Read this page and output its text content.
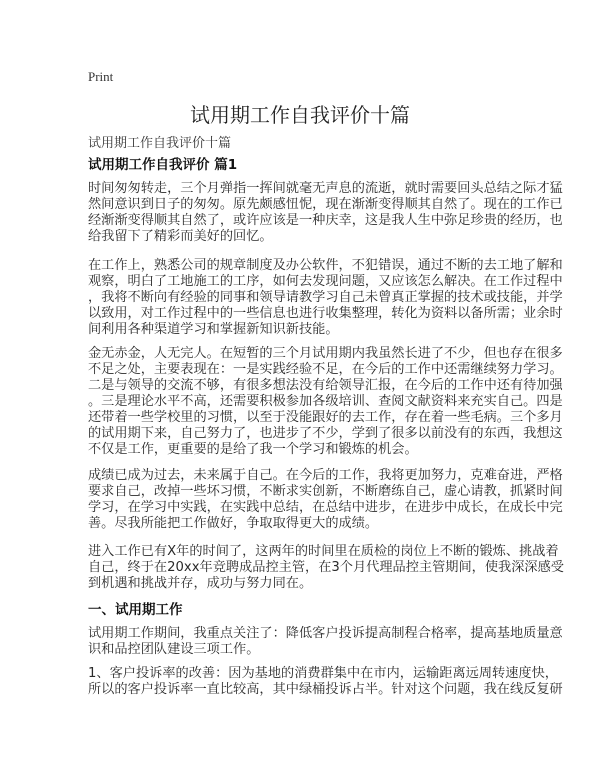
Print
试用期工作自我评价十篇
试用期工作自我评价十篇
试用期工作自我评价 篇1
时间匆匆转走，三个月弹指一挥间就毫无声息的流逝，就时需要回头总结之际才猛
然间意识到日子的匆匆。原先颇感忸怩，现在渐渐变得顺其自然了。现在的工作已
经渐渐变得顺其自然了，或许应该是一种庆幸，这是我人生中弥足珍贵的经历，也
给我留下了精彩而美好的回忆。
在工作上，熟悉公司的规章制度及办公软件，不犯错误，通过不断的去工地了解和
观察，明白了工地施工的工序，如何去发现问题，又应该怎么解决。在工作过程中
，我将不断向有经验的同事和领导请教学习自己未曾真正掌握的技术或技能，并学
以致用，对工作过程中的一些信息也进行收集整理，转化为资料以备所需；业余时
间利用各种渠道学习和掌握新知识新技能。
金无赤金，人无完人。在短暂的三个月试用期内我虽然长进了不少，但也存在很多
不足之处，主要表现在：一是实践经验不足，在今后的工作中还需继续努力学习。
二是与领导的交流不够，有很多想法没有给领导汇报，在今后的工作中还有待加强
。三是理论水平不高，还需要积极参加各级培训、查阅文献资料来充实自己。四是
还带着一些学校里的习惯，以至于没能跟好的去工作，存在着一些毛病。三个多月
的试用期下来，自己努力了，也进步了不少，学到了很多以前没有的东西，我想这
不仅是工作，更重要的是给了我一个学习和锻炼的机会。
成绩已成为过去，未来属于自己。在今后的工作，我将更加努力，克难奋进，严格
要求自己，改掉一些坏习惯，不断求实创新，不断磨练自己，虚心请教，抓紧时间
学习，在学习中实践，在实践中总结，在总结中进步，在进步中成长，在成长中完
善。尽我所能把工作做好，争取取得更大的成绩。
进入工作已有X年的时间了，这两年的时间里在质检的岗位上不断的锻炼、挑战着
自己，终于在20xx年竞聘成品控主管，在3个月代理品控主管期间，使我深深感受
到机遇和挑战并存，成功与努力同在。
一、试用期工作
试用期工作期间，我重点关注了：降低客户投诉提高制程合格率，提高基地质量意
识和品控团队建设三项工作。
1、客户投诉率的改善：因为基地的消费群集中在市内，运输距离远周转速度快，
所以的客户投诉率一直比较高，其中绿桶投诉占半。针对这个问题，我在线反复研
